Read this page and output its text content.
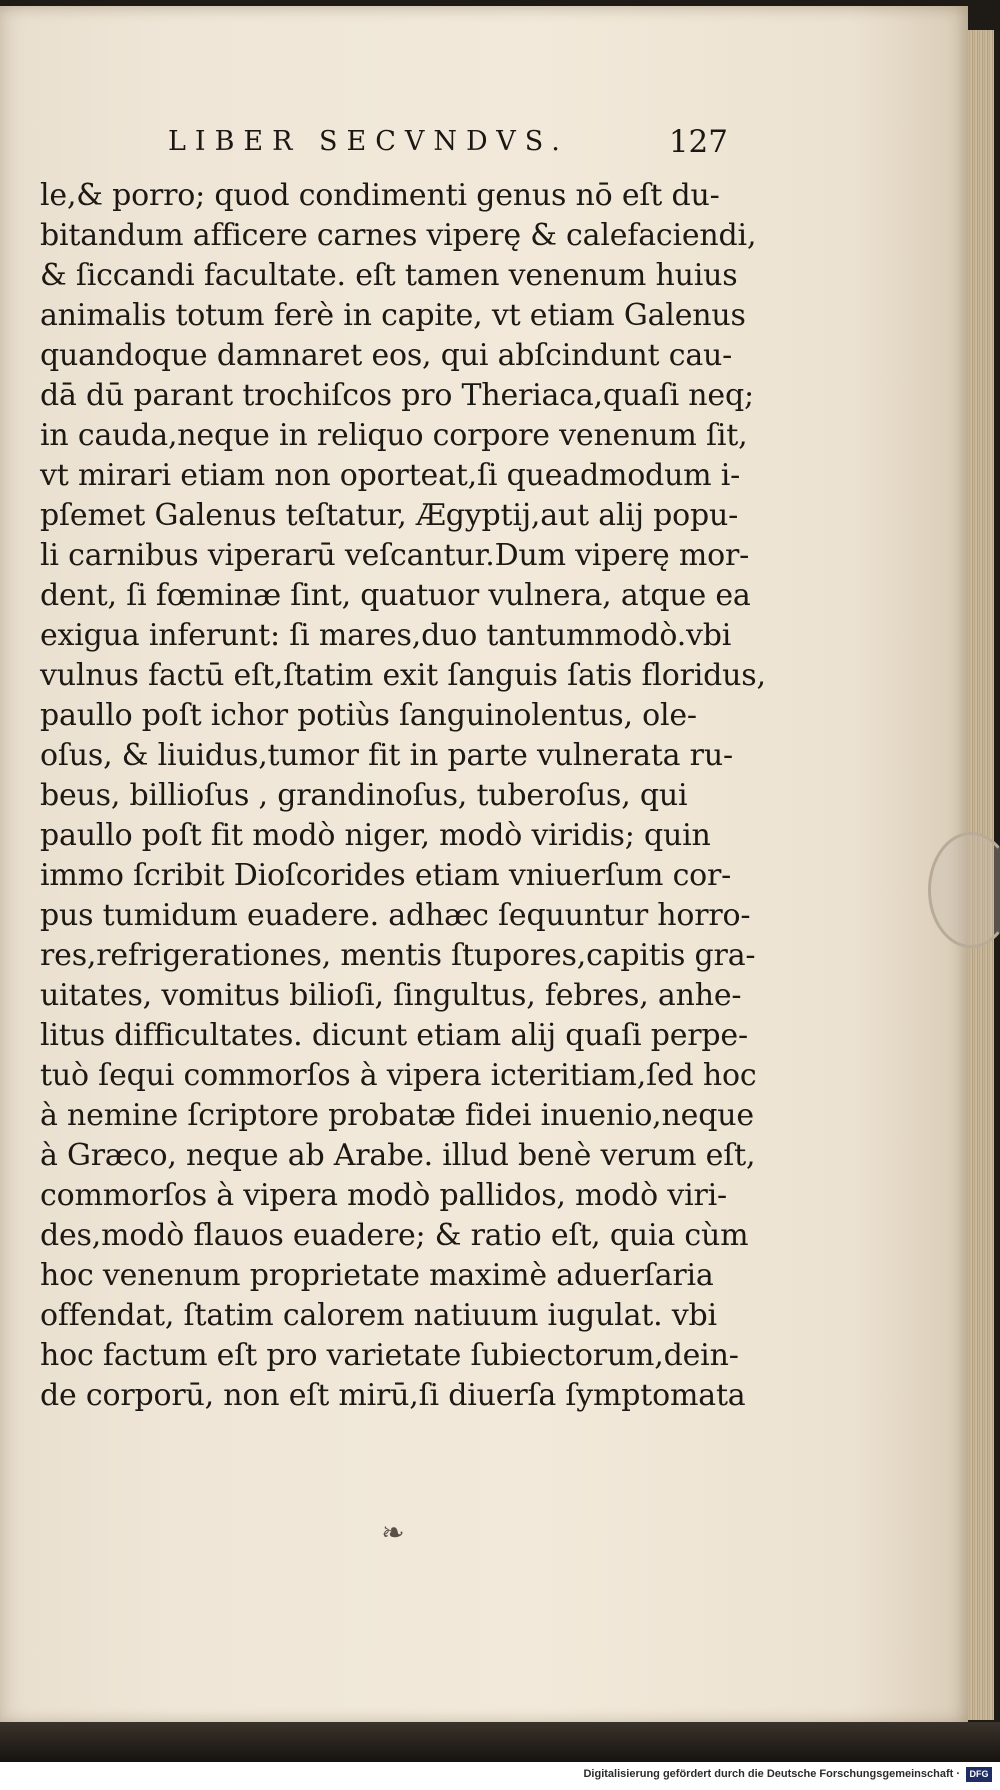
LIBER SECVNDVS.	127
le,& porro; quod condimenti genus nō eſt du-
bitandum afficere carnes viperę & calefaciendi,
& ſiccandi facultate. eſt tamen venenum huius
animalis totum ferè in capite, vt etiam Galenus
quandoque damnaret eos, qui abſcindunt cau-
dā dū parant trochiſcos pro Theriaca,quaſi neq;
in cauda,neque in reliquo corpore venenum ſit,
vt mirari etiam non oporteat,ſi queadmodum i-
pſemet Galenus teſtatur, Ægyptij,aut alij popu-
li carnibus viperarū veſcantur.Dum viperę mor-
dent, ſi fœminæ ſint, quatuor vulnera, atque ea
exigua inferunt: ſi mares,duo tantummodò.vbi
vulnus factū eſt,ſtatim exit ſanguis ſatis floridus,
paullo poſt ichor potiùs ſanguinolentus, ole-
oſus, & liuidus,tumor fit in parte vulnerata ru-
beus, billioſus , grandinoſus, tuberoſus, qui
paullo poſt fit modò niger, modò viridis; quin
immo ſcribit Dioſcorides etiam vniuerſum cor-
pus tumidum euadere. adhæc ſequuntur horro-
res,refrigerationes, mentis ſtupores,capitis gra-
uitates, vomitus bilioſi, ſingultus, febres, anhe-
litus difficultates. dicunt etiam alij quaſi perpe-
tuò ſequi commorſos à vipera icteritiam,ſed hoc
à nemine ſcriptore probatæ fidei inuenio,neque
à Græco, neque ab Arabe. illud benè verum eſt,
commorſos à vipera modò pallidos, modò viri-
des,modò flauos euadere; & ratio eſt, quia cùm
hoc venenum proprietate maximè aduerſaria
offendat, ſtatim calorem natiuum iugulat. vbi
hoc factum eſt pro varietate ſubiectorum,dein-
de corporū, non eſt mirū,ſi diuerſa ſymptomata
❧
Digitalisierung gefördert durch die Deutsche Forschungsgemeinschaft ·	DFG
